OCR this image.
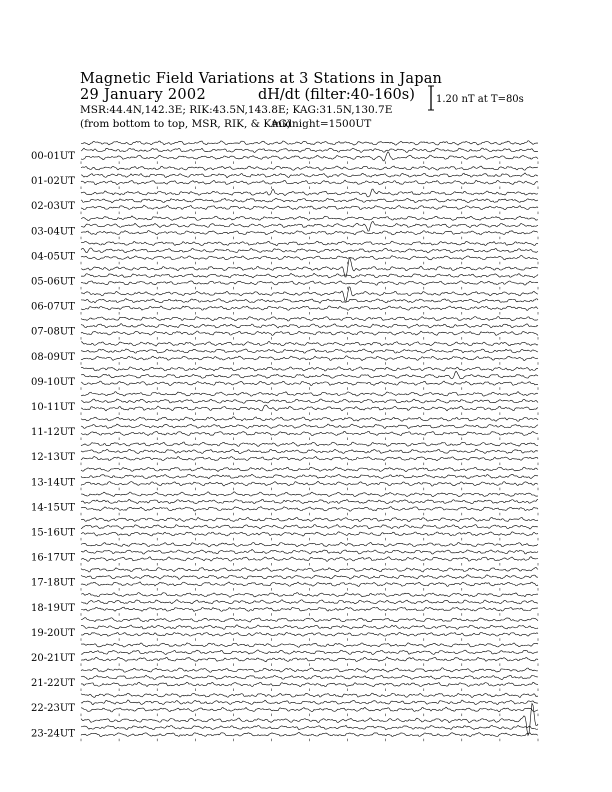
Magnetic Field Variations at 3 Stations in Japan
29 January 2002	dH/dt (filter:40-160s)
MSR:44.4N,142.3E; RIK:43.5N,143.8E; KAG:31.5N,130.7E
(from bottom to top, MSR, RIK, & KAG)
midnight=1500UT
1.20 nT at T=80s
00-01UT
01-02UT
02-03UT
03-04UT
04-05UT
05-06UT
06-07UT
07-08UT
08-09UT
09-10UT
10-11UT
11-12UT
12-13UT
13-14UT
14-15UT
15-16UT
16-17UT
17-18UT
18-19UT
19-20UT
20-21UT
21-22UT
22-23UT
23-24UT
